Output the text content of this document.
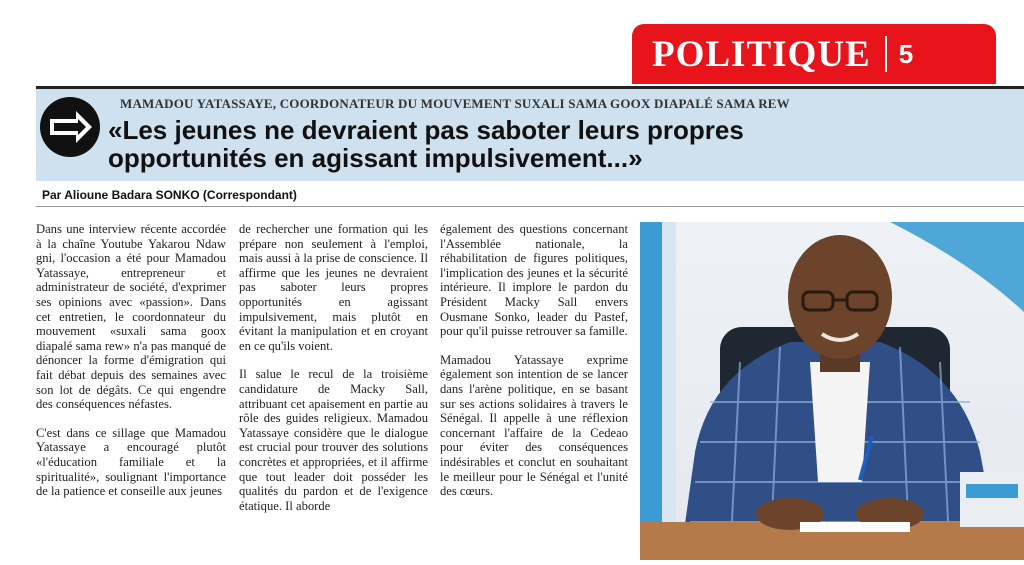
POLITIQUE 5
MAMADOU YATASSAYE, COORDONATEUR DU MOUVEMENT SUXALI SAMA GOOX DIAPALÉ SAMA REW
«Les jeunes ne devraient pas saboter leurs propres
opportunités en agissant impulsivement...»
Par Alioune Badara SONKO (Correspondant)

Dans une interview récente accordée à la chaîne Youtube Yakarou Ndaw gni, l'occasion a été pour Mamadou Yatassaye, entrepreneur et administrateur de société, d'exprimer ses opinions avec «passion». Dans cet entretien, le coordonnateur du mouvement «suxali sama goox diapalé sama rew» n'a pas manqué de dénoncer la forme d'émigration qui fait débat depuis des semaines avec son lot de dégâts. Ce qui engendre des conséquences néfastes.

C'est dans ce sillage que Mamadou Yatassaye a encouragé plutôt «l'éducation familiale et la spiritualité», soulignant l'importance de la patience et conseille aux jeunes

de rechercher une formation qui les prépare non seulement à l'emploi, mais aussi à la prise de conscience. Il affirme que les jeunes ne devraient pas saboter leurs propres opportunités en agissant impulsivement, mais plutôt en évitant la manipulation et en croyant en ce qu'ils voient.

Il salue le recul de la troisième candidature de Macky Sall, attribuant cet apaisement en partie au rôle des guides religieux. Mamadou Yatassaye considère que le dialogue est crucial pour trouver des solutions concrètes et appropriées, et il affirme que tout leader doit posséder les qualités du pardon et de l'exigence étatique. Il aborde

également des questions concernant l'Assemblée nationale, la réhabilitation de figures politiques, l'implication des jeunes et la sécurité intérieure. Il implore le pardon du Président Macky Sall envers Ousmane Sonko, leader du Pastef, pour qu'il puisse retrouver sa famille.

Mamadou Yatassaye exprime également son intention de se lancer dans l'arène politique, en se basant sur ses actions solidaires à travers le Sénégal. Il appelle à une réflexion concernant l'affaire de la Cedeao pour éviter des conséquences indésirables et conclut en souhaitant le meilleur pour le Sénégal et l'unité des cœurs.
